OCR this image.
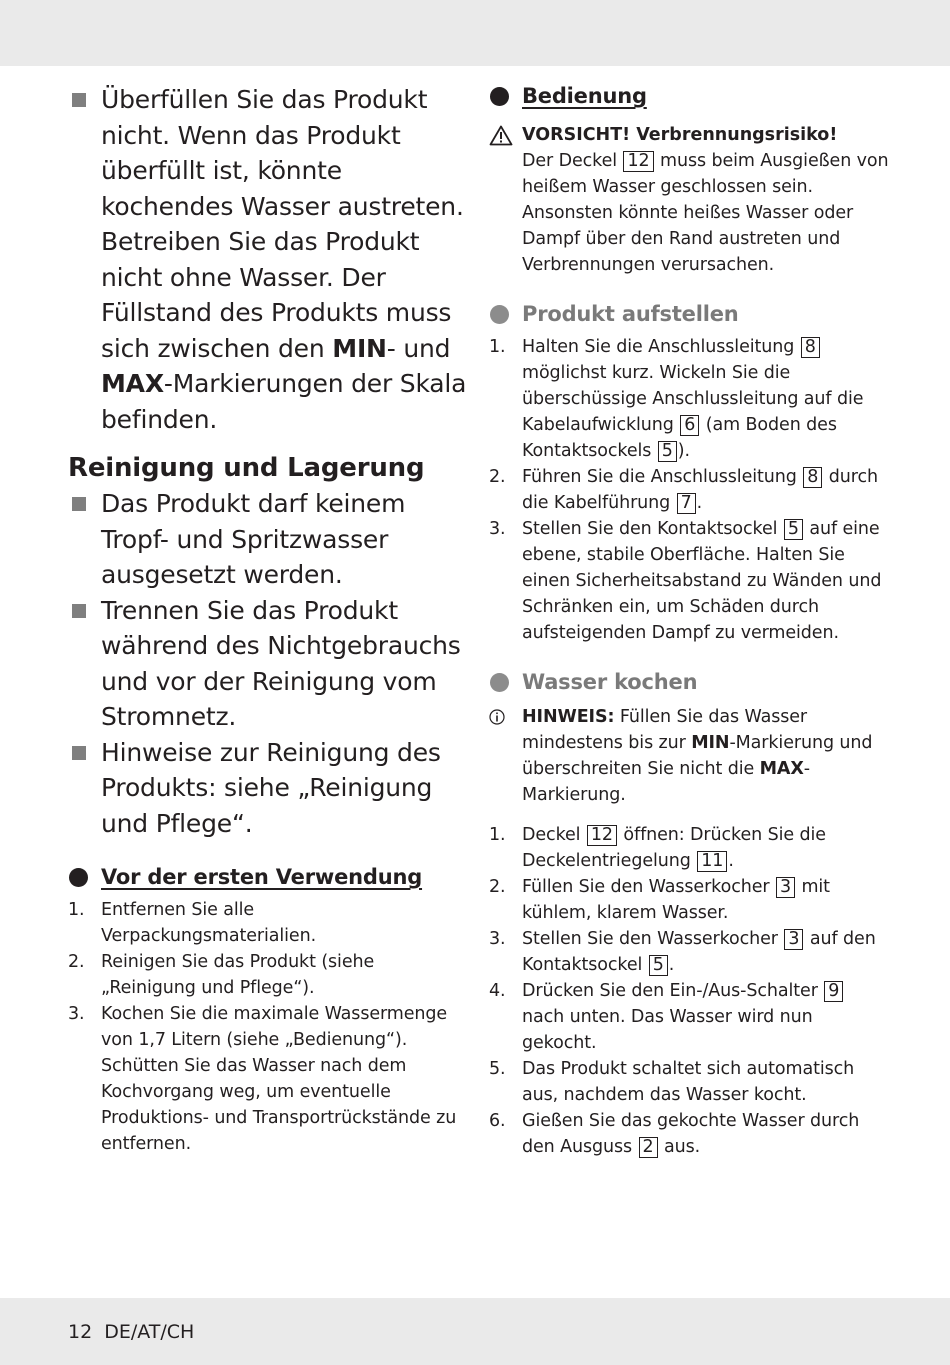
Überfüllen Sie das Produkt nicht. Wenn das Produkt überfüllt ist, könnte kochendes Wasser austreten. Betreiben Sie das Produkt nicht ohne Wasser. Der Füllstand des Produkts muss sich zwischen den MIN- und MAX-Markierungen der Skala befinden.
Reinigung und Lagerung
Das Produkt darf keinem Tropf- und Spritzwasser ausgesetzt werden.
Trennen Sie das Produkt während des Nichtgebrauchs und vor der Reinigung vom Stromnetz.
Hinweise zur Reinigung des Produkts: siehe „Reinigung und Pflege“.
Vor der ersten Verwendung
1. Entfernen Sie alle Verpackungsmaterialien.
2. Reinigen Sie das Produkt (siehe „Reinigung und Pflege“).
3. Kochen Sie die maximale Wassermenge von 1,7 Litern (siehe „Bedienung“). Schütten Sie das Wasser nach dem Kochvorgang weg, um eventuelle Produktions- und Transportrückstände zu entfernen.
Bedienung
VORSICHT! Verbrennungsrisiko!
Der Deckel 12 muss beim Ausgießen von heißem Wasser geschlossen sein. Ansonsten könnte heißes Wasser oder Dampf über den Rand austreten und Verbrennungen verursachen.
Produkt aufstellen
1. Halten Sie die Anschlussleitung 8 möglichst kurz. Wickeln Sie die überschüssige Anschlussleitung auf die Kabelaufwicklung 6 (am Boden des Kontaktsockels 5 ).
2. Führen Sie die Anschlussleitung 8 durch die Kabelführung 7 .
3. Stellen Sie den Kontaktsockel 5 auf eine ebene, stabile Oberfläche. Halten Sie einen Sicherheitsabstand zu Wänden und Schränken ein, um Schäden durch aufsteigenden Dampf zu vermeiden.
Wasser kochen
HINWEIS: Füllen Sie das Wasser mindestens bis zur MIN-Markierung und überschreiten Sie nicht die MAX-Markierung.
1. Deckel 12 öffnen: Drücken Sie die Deckelentriegelung 11 .
2. Füllen Sie den Wasserkocher 3 mit kühlem, klarem Wasser.
3. Stellen Sie den Wasserkocher 3 auf den Kontaktsockel 5 .
4. Drücken Sie den Ein-/Aus-Schalter 9 nach unten. Das Wasser wird nun gekocht.
5. Das Produkt schaltet sich automatisch aus, nachdem das Wasser kocht.
6. Gießen Sie das gekochte Wasser durch den Ausguss 2 aus.
12 DE/AT/CH
